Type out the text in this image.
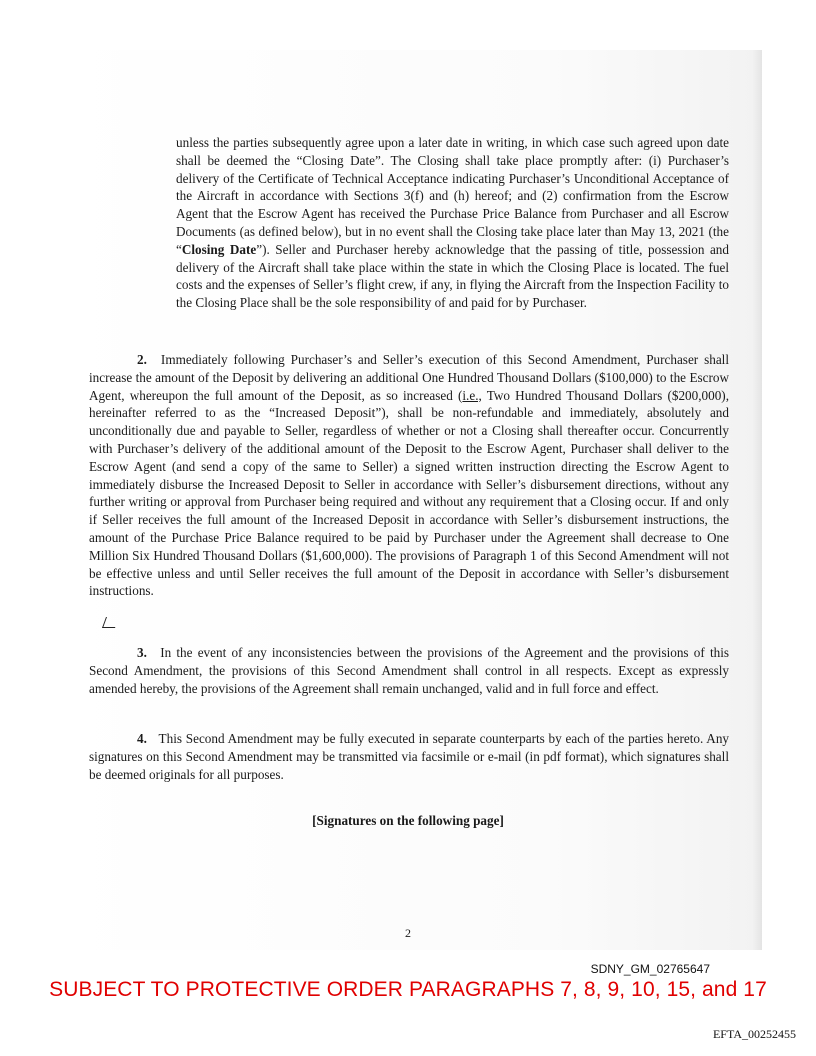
unless the parties subsequently agree upon a later date in writing, in which case such agreed upon date shall be deemed the “Closing Date”. The Closing shall take place promptly after: (i) Purchaser’s delivery of the Certificate of Technical Acceptance indicating Purchaser’s Unconditional Acceptance of the Aircraft in accordance with Sections 3(f) and (h) hereof; and (2) confirmation from the Escrow Agent that the Escrow Agent has received the Purchase Price Balance from Purchaser and all Escrow Documents (as defined below), but in no event shall the Closing take place later than May 13, 2021 (the “Closing Date”). Seller and Purchaser hereby acknowledge that the passing of title, possession and delivery of the Aircraft shall take place within the state in which the Closing Place is located. The fuel costs and the expenses of Seller’s flight crew, if any, in flying the Aircraft from the Inspection Facility to the Closing Place shall be the sole responsibility of and paid for by Purchaser.

2. Immediately following Purchaser’s and Seller’s execution of this Second Amendment, Purchaser shall increase the amount of the Deposit by delivering an additional One Hundred Thousand Dollars ($100,000) to the Escrow Agent, whereupon the full amount of the Deposit, as so increased (i.e., Two Hundred Thousand Dollars ($200,000), hereinafter referred to as the “Increased Deposit”), shall be non-refundable and immediately, absolutely and unconditionally due and payable to Seller, regardless of whether or not a Closing shall thereafter occur. Concurrently with Purchaser’s delivery of the additional amount of the Deposit to the Escrow Agent, Purchaser shall deliver to the Escrow Agent (and send a copy of the same to Seller) a signed written instruction directing the Escrow Agent to immediately disburse the Increased Deposit to Seller in accordance with Seller’s disbursement directions, without any further writing or approval from Purchaser being required and without any requirement that a Closing occur. If and only if Seller receives the full amount of the Increased Deposit in accordance with Seller’s disbursement instructions, the amount of the Purchase Price Balance required to be paid by Purchaser under the Agreement shall decrease to One Million Six Hundred Thousand Dollars ($1,600,000). The provisions of Paragraph 1 of this Second Amendment will not be effective unless and until Seller receives the full amount of the Deposit in accordance with Seller’s disbursement instructions.

3. In the event of any inconsistencies between the provisions of the Agreement and the provisions of this Second Amendment, the provisions of this Second Amendment shall control in all respects. Except as expressly amended hereby, the provisions of the Agreement shall remain unchanged, valid and in full force and effect.

4. This Second Amendment may be fully executed in separate counterparts by each of the parties hereto. Any signatures on this Second Amendment may be transmitted via facsimile or e-mail (in pdf format), which signatures shall be deemed originals for all purposes.

[Signatures on the following page]
2
SDNY_GM_02765647
SUBJECT TO PROTECTIVE ORDER PARAGRAPHS 7, 8, 9, 10, 15, and 17
EFTA_00252455
